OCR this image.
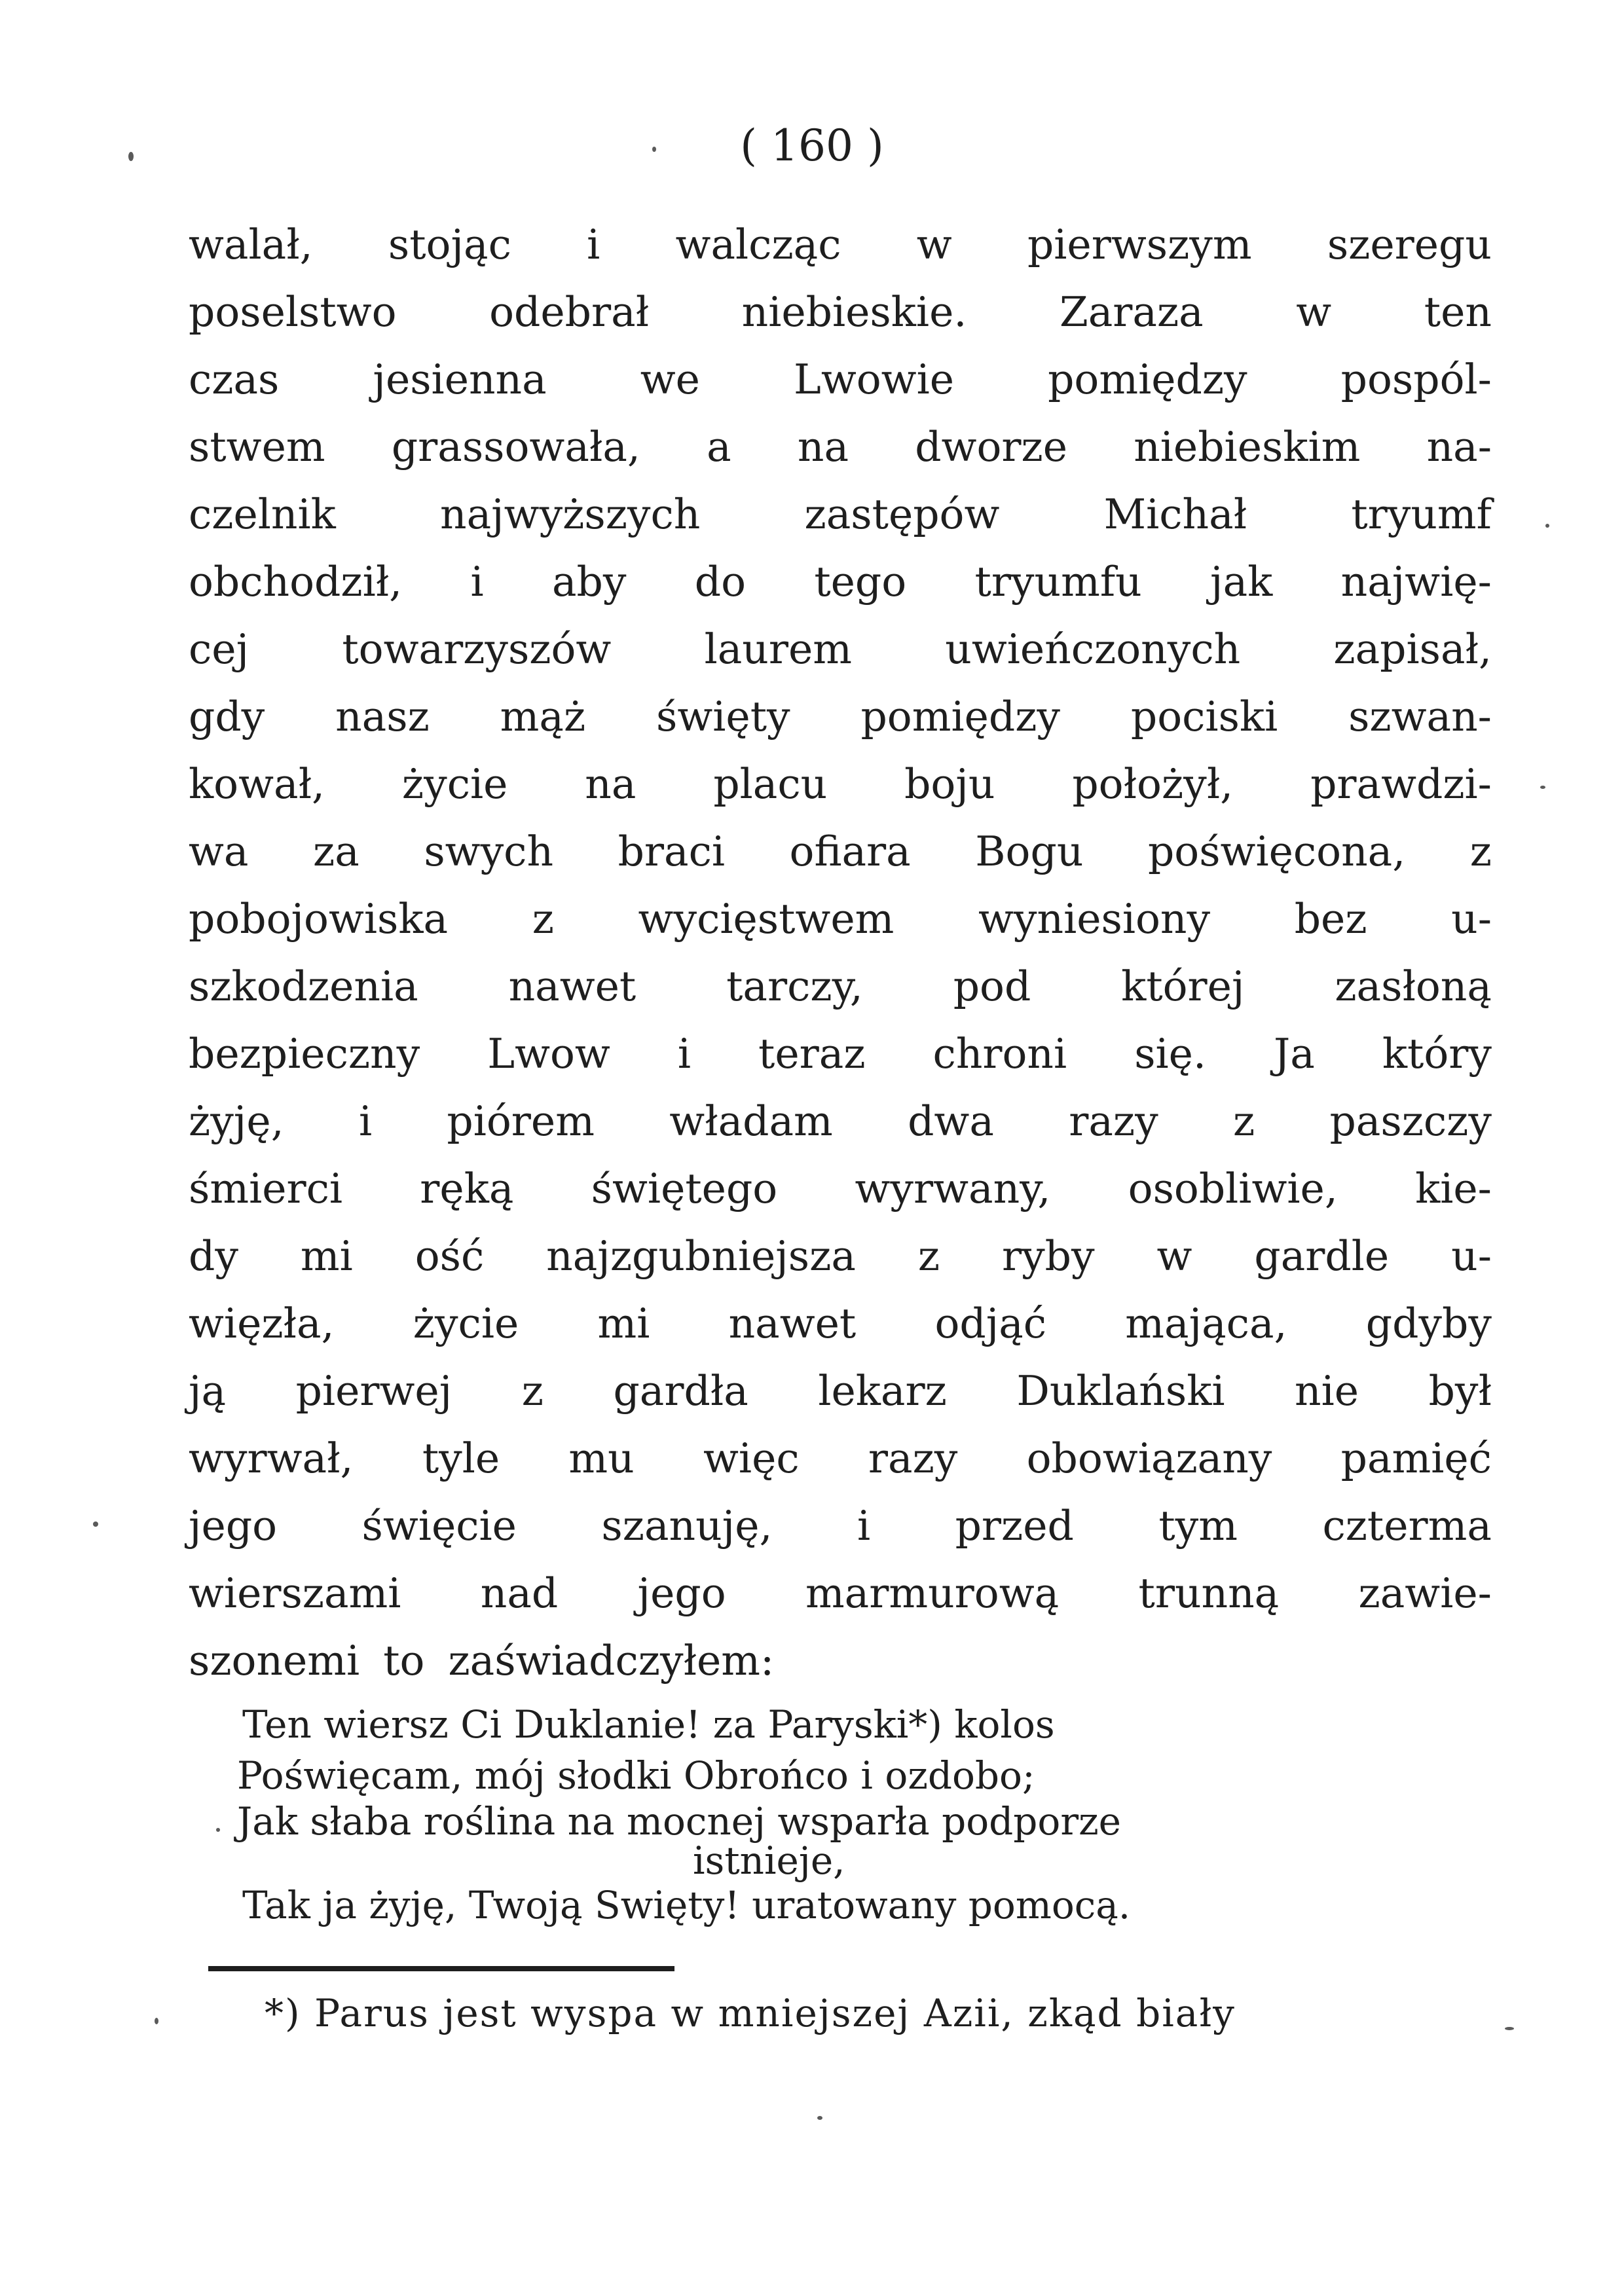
( 160 )
walał, stojąc i walcząc w pierwszym szeregu
poselstwo odebrał niebieskie. Zaraza w ten
czas jesienna we Lwowie pomiędzy pospól-
stwem grassowała, a na dworze niebieskim na-
czelnik	najwyższych	zastępów	Michał	tryumf
obchodził, i aby do tego tryumfu jak najwię-
cej towarzyszów laurem uwieńczonych zapisał,
gdy nasz mąż święty pomiędzy pociski szwan-
kował, życie na placu boju położył, prawdzi-
wa za swych braci ofiara Bogu poświęcona, z
pobojowiska z wycięstwem wyniesiony bez u-
szkodzenia nawet tarczy, pod której zasłoną
bezpieczny Lwow i teraz chroni się. Ja który
żyję, i piórem władam dwa razy z paszczy
śmierci ręką świętego wyrwany, osobliwie, kie-
dy mi ość najzgubniejsza z ryby w gardle u-
więzła, życie mi nawet odjąć mająca, gdyby
ją pierwej z gardła lekarz Duklański nie był
wyrwał, tyle mu więc razy obowiązany pamięć
jego święcie szanuję, i przed tym czterma
wierszami nad jego marmurową trunną zawie-
szonemi to zaświadczyłem:
Ten wiersz Ci Duklanie! za Paryski*) kolos
Poświęcam, mój słodki Obrońco i ozdobo;
Jak słaba roślina na mocnej wsparła podporze
istnieje,
Tak ja żyję, Twoją Swięty! uratowany pomocą.
*) Parus jest wyspa w mniejszej Azii, zkąd biały
